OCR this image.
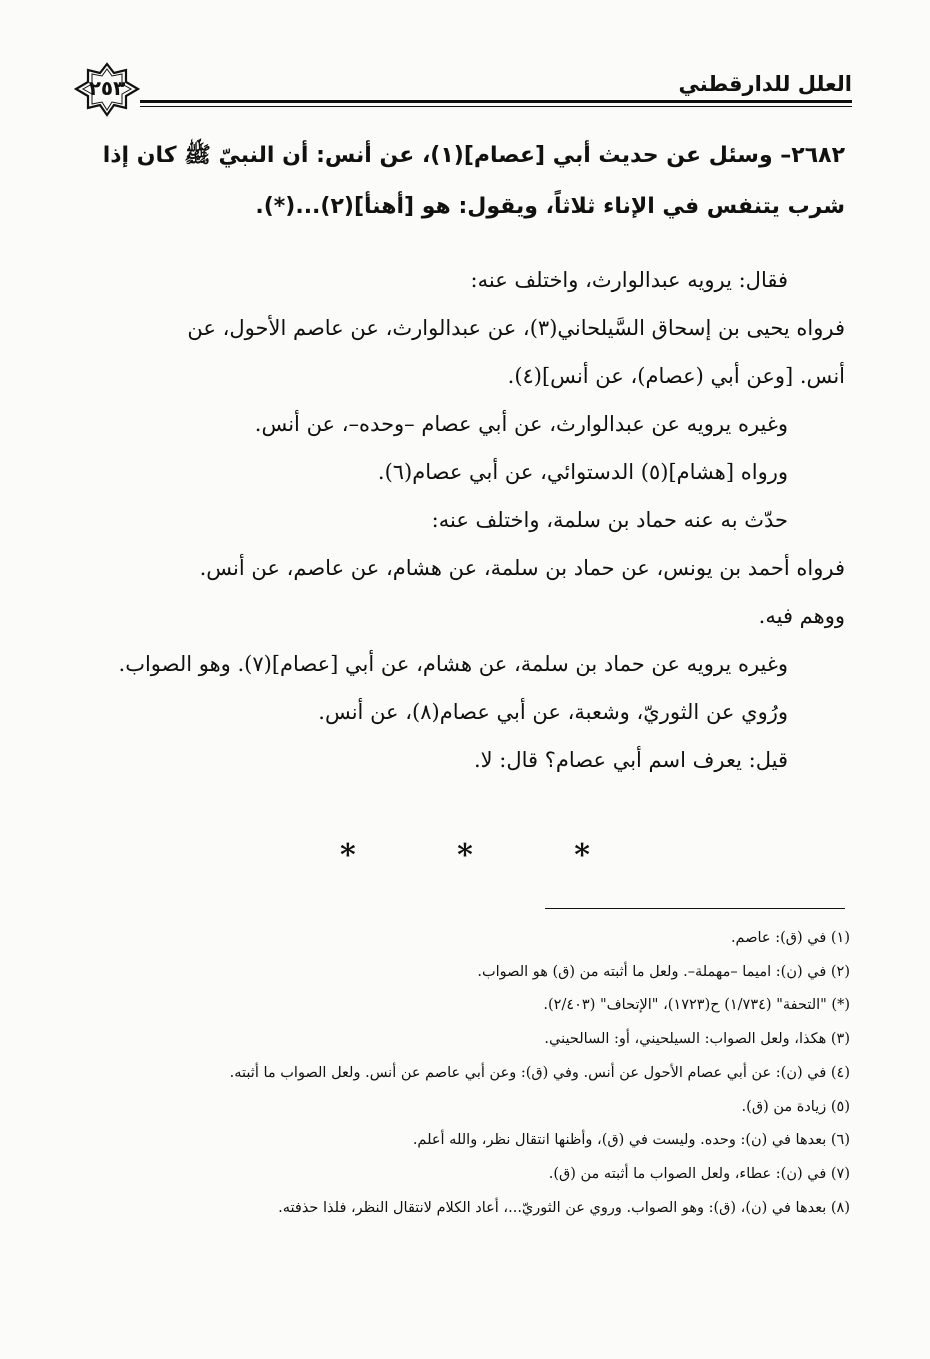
٢٥٣	العلل للدارقطني
٢٦٨٢– وسئل عن حديث أبي [عصام](١)، عن أنس: أن النبيّ ﷺ كان إذا
شرب يتنفس في الإناء ثلاثاً، ويقول: هو [أهنأ](٢)...(*).
فقال: يرويه عبدالوارث، واختلف عنه:
فرواه يحيى بن إسحاق السَّيلحاني(٣)، عن عبدالوارث، عن عاصم الأحول، عن
أنس. [وعن أبي (عصام)، عن أنس](٤).
وغيره يرويه عن عبدالوارث، عن أبي عصام –وحده–، عن أنس.
ورواه [هشام](٥) الدستوائي، عن أبي عصام(٦).
حدّث به عنه حماد بن سلمة، واختلف عنه:
فرواه أحمد بن يونس، عن حماد بن سلمة، عن هشام، عن عاصم، عن أنس.
ووهم فيه.
وغيره يرويه عن حماد بن سلمة، عن هشام، عن أبي [عصام](٧). وهو الصواب.
ورُوي عن الثوريّ، وشعبة، عن أبي عصام(٨)، عن أنس.
قيل: يعرف اسم أبي عصام؟ قال: لا.
*	*	*
(١) في (ق): عاصم.
(٢) في (ن): اميما –مهملة–. ولعل ما أثبته من (ق) هو الصواب.
(*) "التحفة" (١/٧٣٤) ح(١٧٢٣)، "الإتحاف" (٢/٤٠٣).
(٣) هكذا، ولعل الصواب: السيلحيني، أو: السالحيني.
(٤) في (ن): عن أبي عصام الأحول عن أنس. وفي (ق): وعن أبي عاصم عن أنس. ولعل الصواب ما أثبته.
(٥) زيادة من (ق).
(٦) بعدها في (ن): وحده. وليست في (ق)، وأظنها انتقال نظر، والله أعلم.
(٧) في (ن): عطاء، ولعل الصواب ما أثبته من (ق).
(٨) بعدها في (ن)، (ق): وهو الصواب. وروي عن الثوريّ...، أعاد الكلام لانتقال النظر، فلذا حذفته.
